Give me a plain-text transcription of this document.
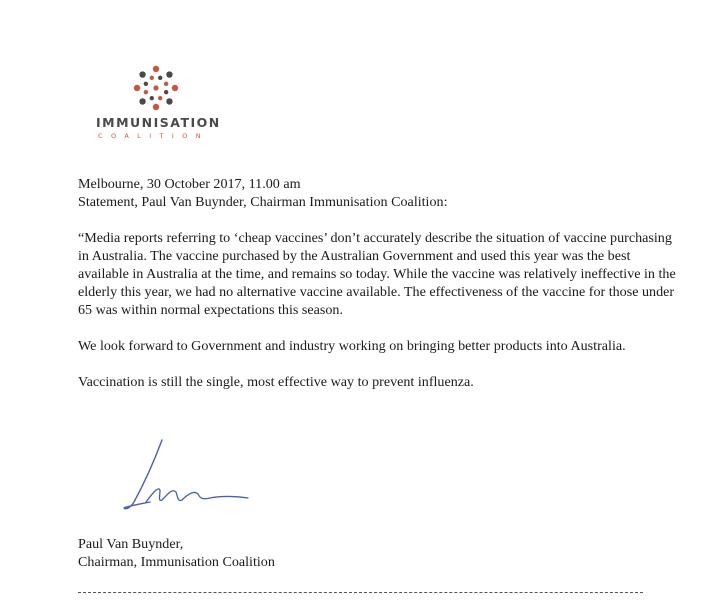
IMMUNISATION
COALITION

Melbourne, 30 October 2017, 11.00 am

Statement, Paul Van Buynder, Chairman Immunisation Coalition:

“Media reports referring to ‘cheap vaccines’ don’t accurately describe the situation of vaccine purchasing in Australia. The vaccine purchased by the Australian Government and used this year was the best available in Australia at the time, and remains so today. While the vaccine was relatively ineffective in the elderly this year, we had no alternative vaccine available. The effectiveness of the vaccine for those under 65 was within normal expectations this season.

We look forward to Government and industry working on bringing better products into Australia.

Vaccination is still the single, most effective way to prevent influenza.

Paul Van Buynder,
Chairman, Immunisation Coalition
